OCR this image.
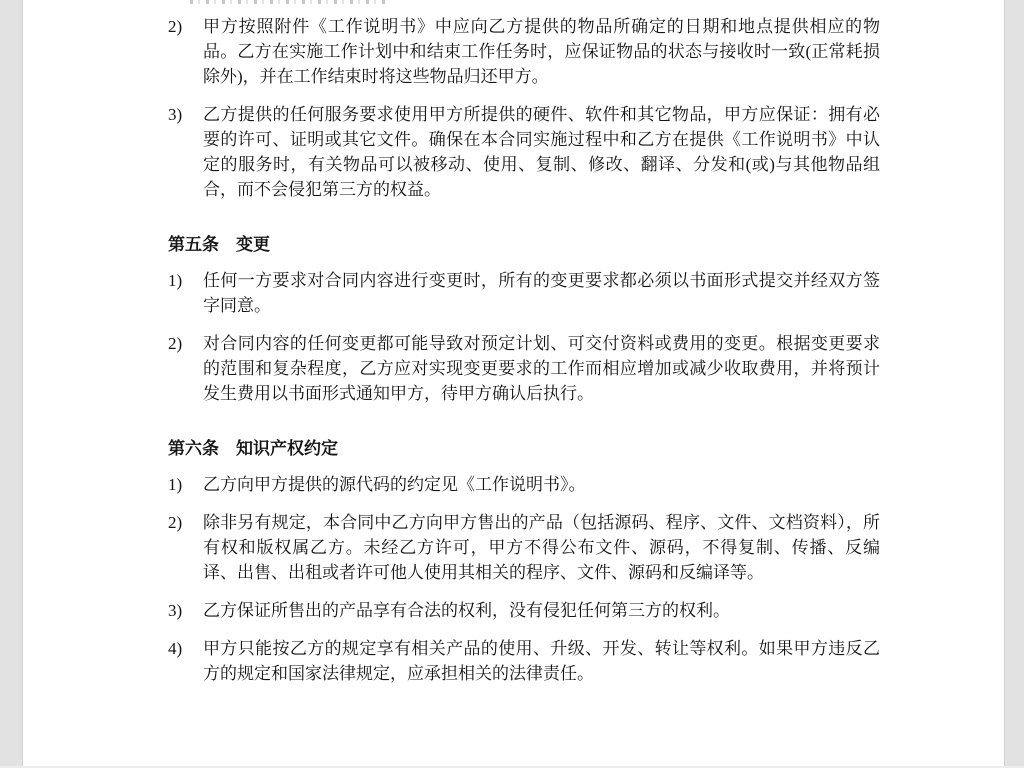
2)	甲方按照附件《工作说明书》中应向乙方提供的物品所确定的日期和地点提供相应的物品。乙方在实施工作计划中和结束工作任务时，应保证物品的状态与接收时一致(正常耗损除外)，并在工作结束时将这些物品归还甲方。
3)	乙方提供的任何服务要求使用甲方所提供的硬件、软件和其它物品，甲方应保证：拥有必要的许可、证明或其它文件。确保在本合同实施过程中和乙方在提供《工作说明书》中认定的服务时，有关物品可以被移动、使用、复制、修改、翻译、分发和(或)与其他物品组合，而不会侵犯第三方的权益。
第五条　变更
1)	任何一方要求对合同内容进行变更时，所有的变更要求都必须以书面形式提交并经双方签字同意。
2)	对合同内容的任何变更都可能导致对预定计划、可交付资料或费用的变更。根据变更要求的范围和复杂程度，乙方应对实现变更要求的工作而相应增加或减少收取费用，并将预计发生费用以书面形式通知甲方，待甲方确认后执行。
第六条　知识产权约定
1)	乙方向甲方提供的源代码的约定见《工作说明书》。
2)	除非另有规定，本合同中乙方向甲方售出的产品（包括源码、程序、文件、文档资料），所有权和版权属乙方。未经乙方许可，甲方不得公布文件、源码，不得复制、传播、反编译、出售、出租或者许可他人使用其相关的程序、文件、源码和反编译等。
3)	乙方保证所售出的产品享有合法的权利，没有侵犯任何第三方的权利。
4)	甲方只能按乙方的规定享有相关产品的使用、升级、开发、转让等权利。如果甲方违反乙方的规定和国家法律规定，应承担相关的法律责任。
